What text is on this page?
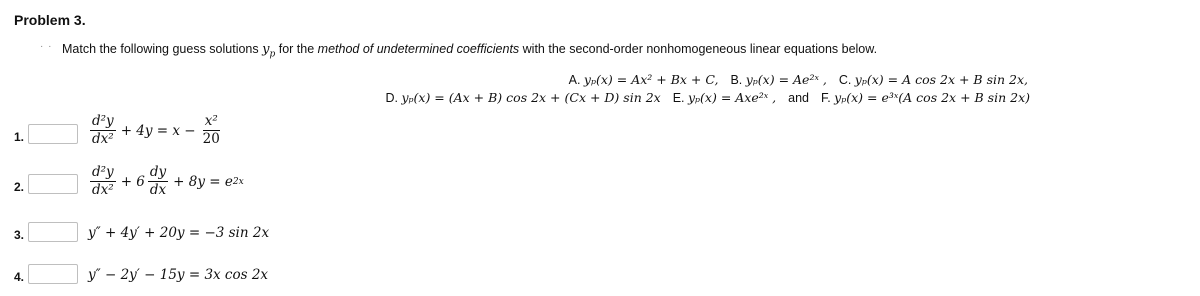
Problem 3.
· · Match the following guess solutions $y_p$ for the method of undetermined coefficients with the second-order nonhomogeneous linear equations below.
A. yₚ(x) = Ax² + Bx + C, B. yₚ(x) = Ae²ˣ , C. yₚ(x) = A cos 2x + B sin 2x,
D. yₚ(x) = (Ax + B) cos 2x + (Cx + D) sin 2x E. yₚ(x) = Axe²ˣ , and F. yₚ(x) = e³ˣ(A cos 2x + B sin 2x)
1.	$\frac{\text{d²y}}{\text{dx²}} + 4y = x - \frac{\text{x²}}{20}$
2.	$\frac{\text{d²y}}{\text{dx²}} + 6 \frac{dy}{dx} + 8y = e$ 2x
3.	y″ + 4y′ + 20y = −3 sin 2x
4.	y″ − 2y′ − 15y = 3x cos 2x
